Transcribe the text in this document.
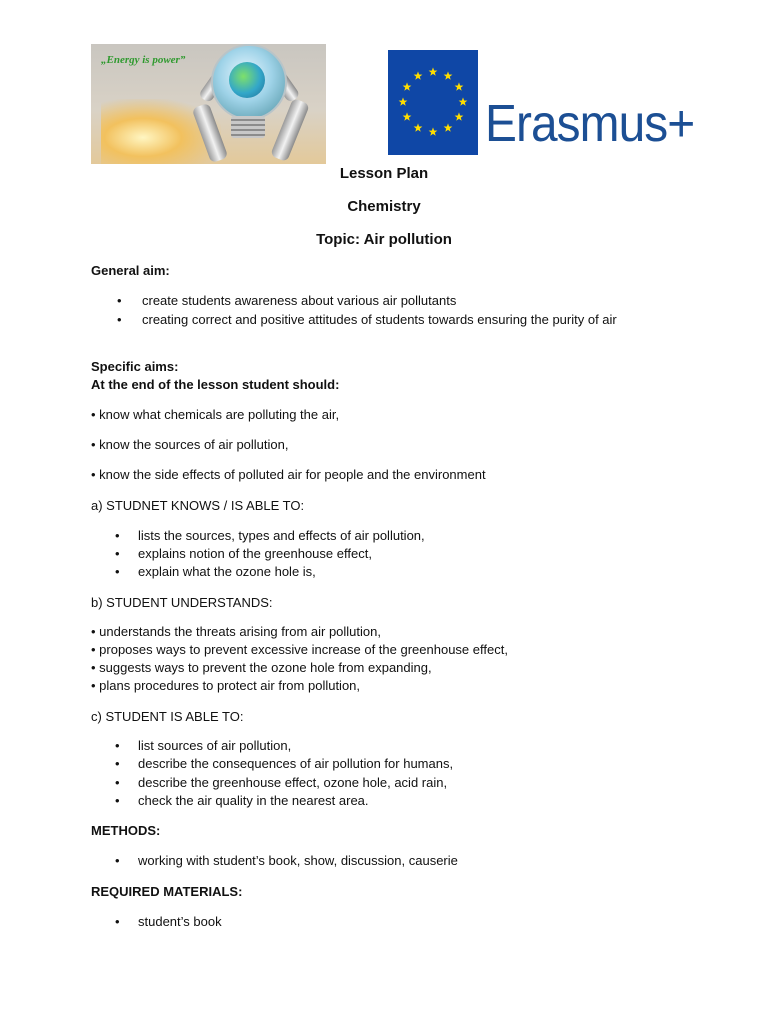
„Energy is power”
Erasmus+
Lesson Plan
Chemistry
Topic: Air pollution
General aim:
• create students awareness about various air pollutants
• creating correct and positive attitudes of students towards ensuring the purity of air
Specific aims:
At the end of the lesson student should:
• know what chemicals are polluting the air,
• know the sources of air pollution,
• know the side effects of polluted air for people and the environment
a) STUDNET KNOWS / IS ABLE TO:
• lists the sources, types and effects of air pollution,
• explains notion of the greenhouse effect,
• explain what the ozone hole is,
b) STUDENT UNDERSTANDS:
• understands the threats arising from air pollution,
• proposes ways to prevent excessive increase of the greenhouse effect,
• suggests ways to prevent the ozone hole from expanding,
• plans procedures to protect air from pollution,
c) STUDENT IS ABLE TO:
• list sources of air pollution,
• describe the consequences of air pollution for humans,
• describe the greenhouse effect, ozone hole, acid rain,
• check the air quality in the nearest area.
METHODS:
• working with student’s book, show, discussion, causerie
REQUIRED MATERIALS:
• student’s book
